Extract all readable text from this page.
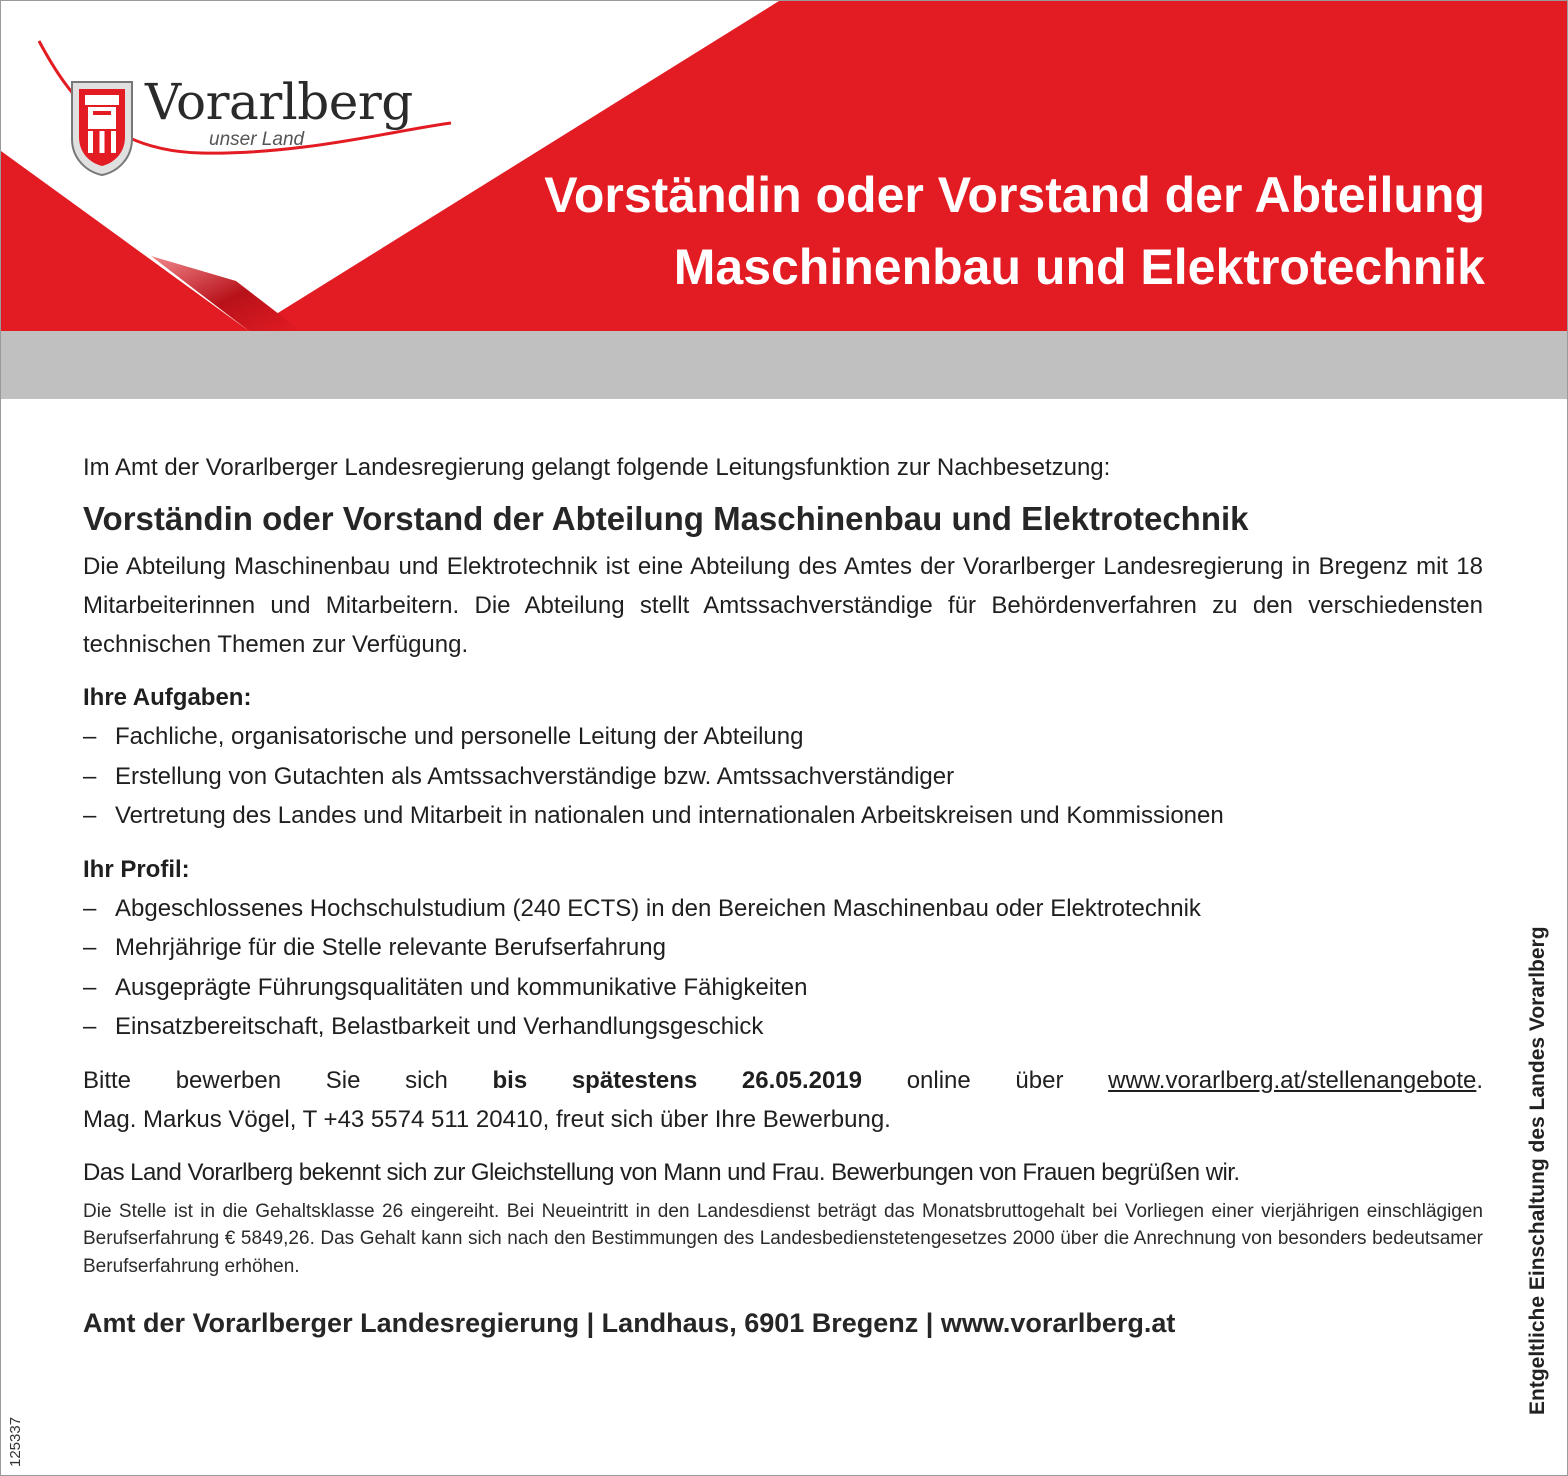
Vorarlberg
unser Land
Vorständin oder Vorstand der Abteilung
Maschinenbau und Elektrotechnik

Im Amt der Vorarlberger Landesregierung gelangt folgende Leitungsfunktion zur Nachbesetzung:

Vorständin oder Vorstand der Abteilung Maschinenbau und Elektrotechnik

Die Abteilung Maschinenbau und Elektrotechnik ist eine Abteilung des Amtes der Vorarlberger Landesregierung in Bregenz mit 18 Mitarbeiterinnen und Mitarbeitern. Die Abteilung stellt Amtssachverständige für Behördenverfahren zu den verschiedensten technischen Themen zur Verfügung.

Ihre Aufgaben:
– Fachliche, organisatorische und personelle Leitung der Abteilung
– Erstellung von Gutachten als Amtssachverständige bzw. Amtssachverständiger
– Vertretung des Landes und Mitarbeit in nationalen und internationalen Arbeitskreisen und Kommissionen
Ihr Profil:
– Abgeschlossenes Hochschulstudium (240 ECTS) in den Bereichen Maschinenbau oder Elektrotechnik
– Mehrjährige für die Stelle relevante Berufserfahrung
– Ausgeprägte Führungsqualitäten und kommunikative Fähigkeiten
– Einsatzbereitschaft, Belastbarkeit und Verhandlungsgeschick
Bitte bewerben Sie sich bis spätestens 26.05.2019 online über www.vorarlberg.at/stellenangebote.
Mag. Markus Vögel, T +43 5574 511 20410, freut sich über Ihre Bewerbung.
Das Land Vorarlberg bekennt sich zur Gleichstellung von Mann und Frau. Bewerbungen von Frauen begrüßen wir.

Die Stelle ist in die Gehaltsklasse 26 eingereiht. Bei Neueintritt in den Landesdienst beträgt das Monatsbruttogehalt bei Vorliegen einer vierjährigen einschlägigen Berufserfahrung € 5849,26. Das Gehalt kann sich nach den Bestimmungen des Landesbedienstetengesetzes 2000 über die Anrechnung von besonders bedeutsamer Berufserfahrung erhöhen.

Amt der Vorarlberger Landesregierung | Landhaus, 6901 Bregenz | www.vorarlberg.at	Entgeltliche Einschaltung des Landes Vorarlberg
125337
